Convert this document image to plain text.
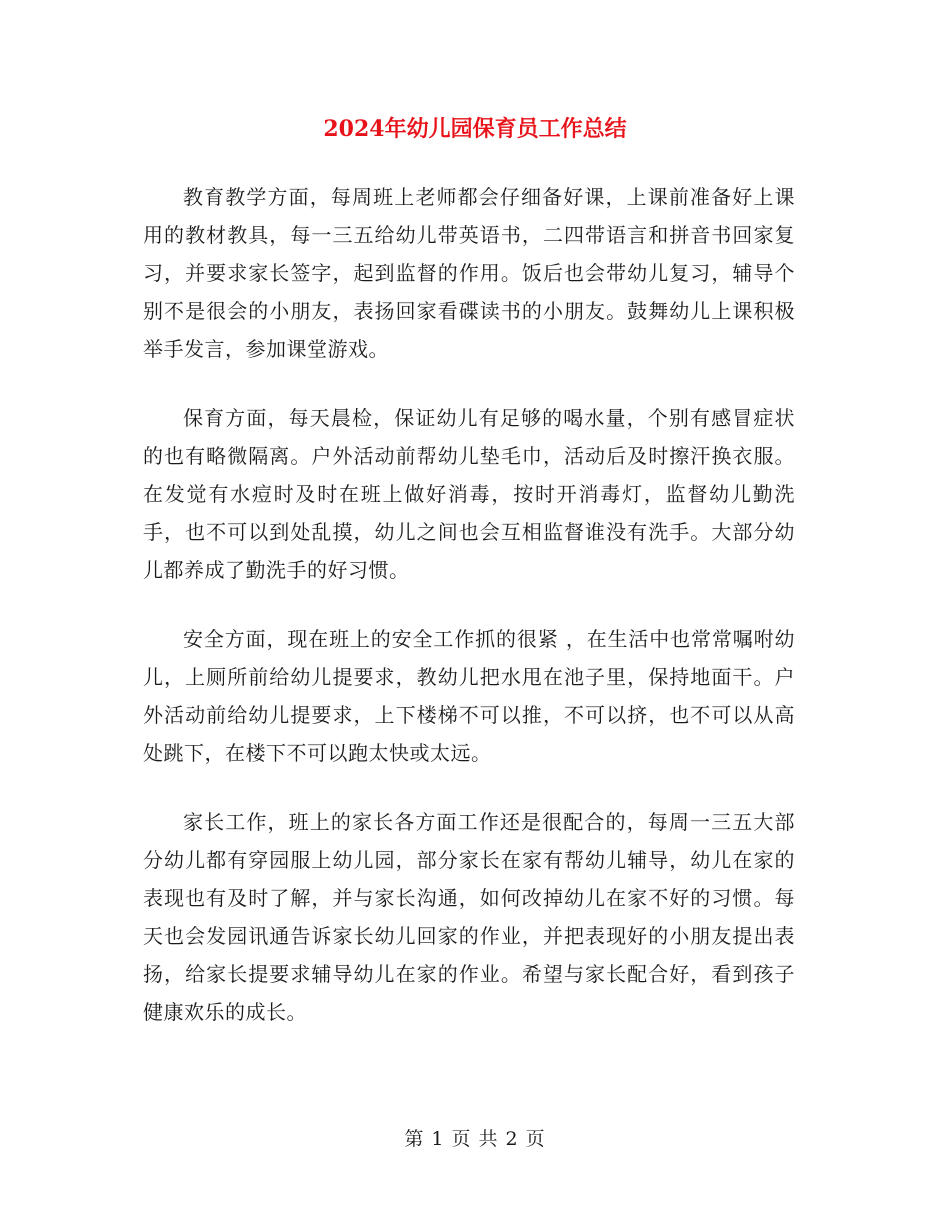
2024年幼儿园保育员工作总结

教育教学方面，每周班上老师都会仔细备好课，上课前准备好上课用的教材教具，每一三五给幼儿带英语书，二四带语言和拼音书回家复习，并要求家长签字，起到监督的作用。饭后也会带幼儿复习，辅导个别不是很会的小朋友，表扬回家看碟读书的小朋友。鼓舞幼儿上课积极举手发言，参加课堂游戏。

保育方面，每天晨检，保证幼儿有足够的喝水量，个别有感冒症状的也有略微隔离。户外活动前帮幼儿垫毛巾，活动后及时擦汗换衣服。在发觉有水痘时及时在班上做好消毒，按时开消毒灯，监督幼儿勤洗手，也不可以到处乱摸，幼儿之间也会互相监督谁没有洗手。大部分幼儿都养成了勤洗手的好习惯。

安全方面，现在班上的安全工作抓的很紧 ，在生活中也常常嘱咐幼儿，上厕所前给幼儿提要求，教幼儿把水甩在池子里，保持地面干。户外活动前给幼儿提要求，上下楼梯不可以推，不可以挤，也不可以从高处跳下，在楼下不可以跑太快或太远。

家长工作，班上的家长各方面工作还是很配合的，每周一三五大部分幼儿都有穿园服上幼儿园，部分家长在家有帮幼儿辅导，幼儿在家的表现也有及时了解，并与家长沟通，如何改掉幼儿在家不好的习惯。每天也会发园讯通告诉家长幼儿回家的作业，并把表现好的小朋友提出表扬，给家长提要求辅导幼儿在家的作业。希望与家长配合好，看到孩子健康欢乐的成长。

第 1 页 共 2 页
